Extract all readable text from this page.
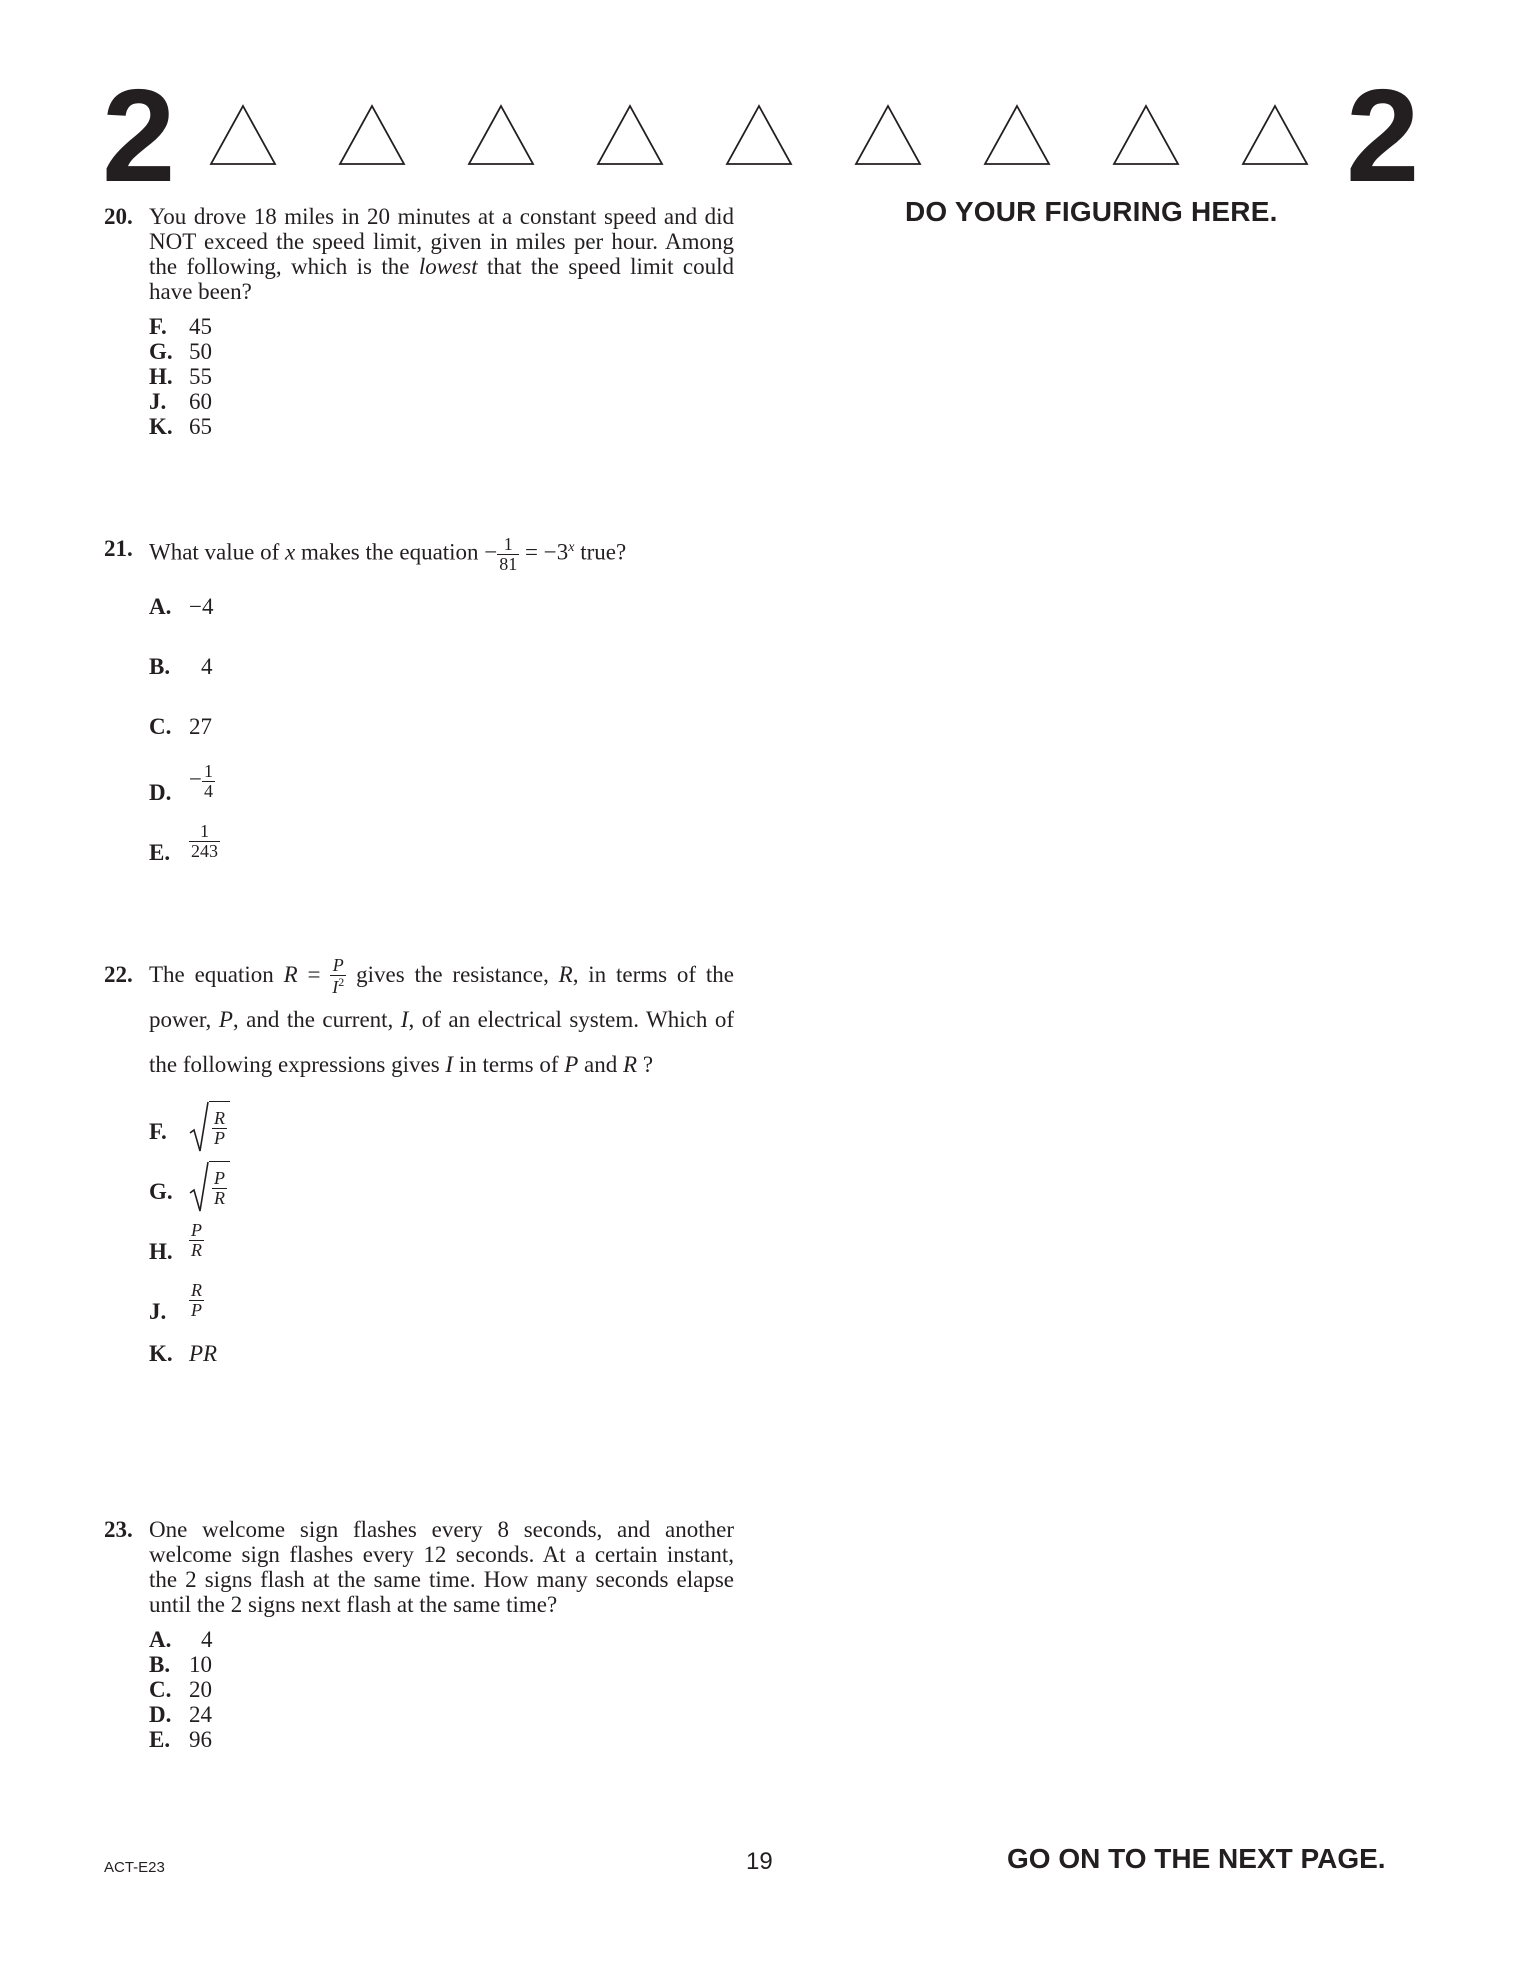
2	2
DO YOUR FIGURING HERE.
20. You drove 18 miles in 20 minutes at a constant speed and did NOT exceed the speed limit, given in miles per hour. Among the following, which is the lowest that the speed limit could have been?
F. 45
G. 50
H. 55
J. 60
K. 65
21. What value of x makes the equation − $\frac{1}{81} = -3^x$ true?
A. −4
B. 4
C. 27
D.
− $\frac{1}{4}$
E. $\frac{1}{243}$
22. The equation $R = \frac{P}{I^2}$ gives the resistance, R, in terms of the power, P, and the current, I, of an electrical system. Which of the following expressions gives I in terms of P and R ?
F.	$\frac{R}{P}$
G. $\frac{P}{R}$
H. $\frac{P}{R}$
J. $\frac{R}{P}$
K. PR
23. One welcome sign flashes every 8 seconds, and another welcome sign flashes every 12 seconds. At a certain instant, the 2 signs flash at the same time. How many seconds elapse until the 2 signs next flash at the same time?
A. 4
B. 10
C. 20
D. 24
E. 96
ACT-E23	19	GO ON TO THE NEXT PAGE.
